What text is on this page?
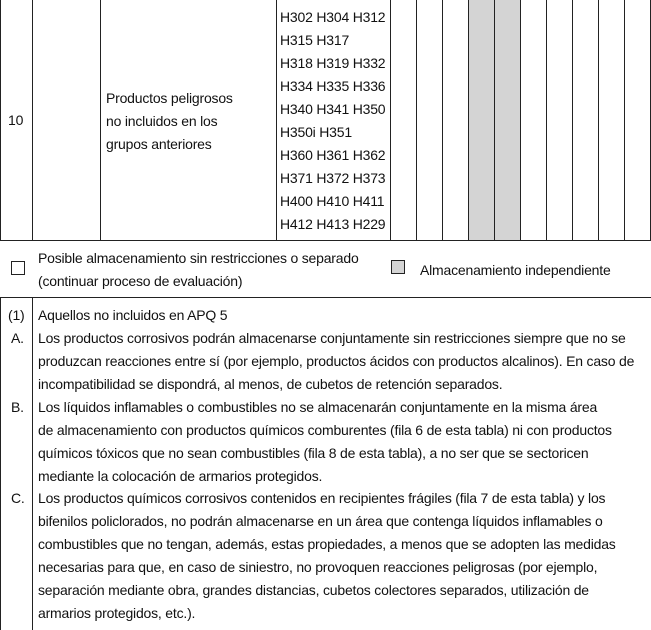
10
Productos peligrosos
no incluidos en los
grupos anteriores
H302 H304 H312
H315 H317
H318 H319 H332
H334 H335 H336
H340 H341 H350
H350i H351
H360 H361 H362
H371 H372 H373
H400 H410 H411
H412 H413 H229
Posible almacenamiento sin restricciones o separado
(continuar proceso de evaluación)
Almacenamiento independiente
(1) Aquellos no incluidos en APQ 5
A. Los productos corrosivos podrán almacenarse conjuntamente sin restricciones siempre que no se
produzcan reacciones entre sí (por ejemplo, productos ácidos con productos alcalinos). En caso de
incompatibilidad se dispondrá, al menos, de cubetos de retención separados.
B. Los líquidos inflamables o combustibles no se almacenarán conjuntamente en la misma área
de almacenamiento con productos químicos comburentes (fila 6 de esta tabla) ni con productos
químicos tóxicos que no sean combustibles (fila 8 de esta tabla), a no ser que se sectoricen
mediante la colocación de armarios protegidos.
C. Los productos químicos corrosivos contenidos en recipientes frágiles (fila 7 de esta tabla) y los
bifenilos policlorados, no podrán almacenarse en un área que contenga líquidos inflamables o
combustibles que no tengan, además, estas propiedades, a menos que se adopten las medidas
necesarias para que, en caso de siniestro, no provoquen reacciones peligrosas (por ejemplo,
separación mediante obra, grandes distancias, cubetos colectores separados, utilización de
armarios protegidos, etc.).
